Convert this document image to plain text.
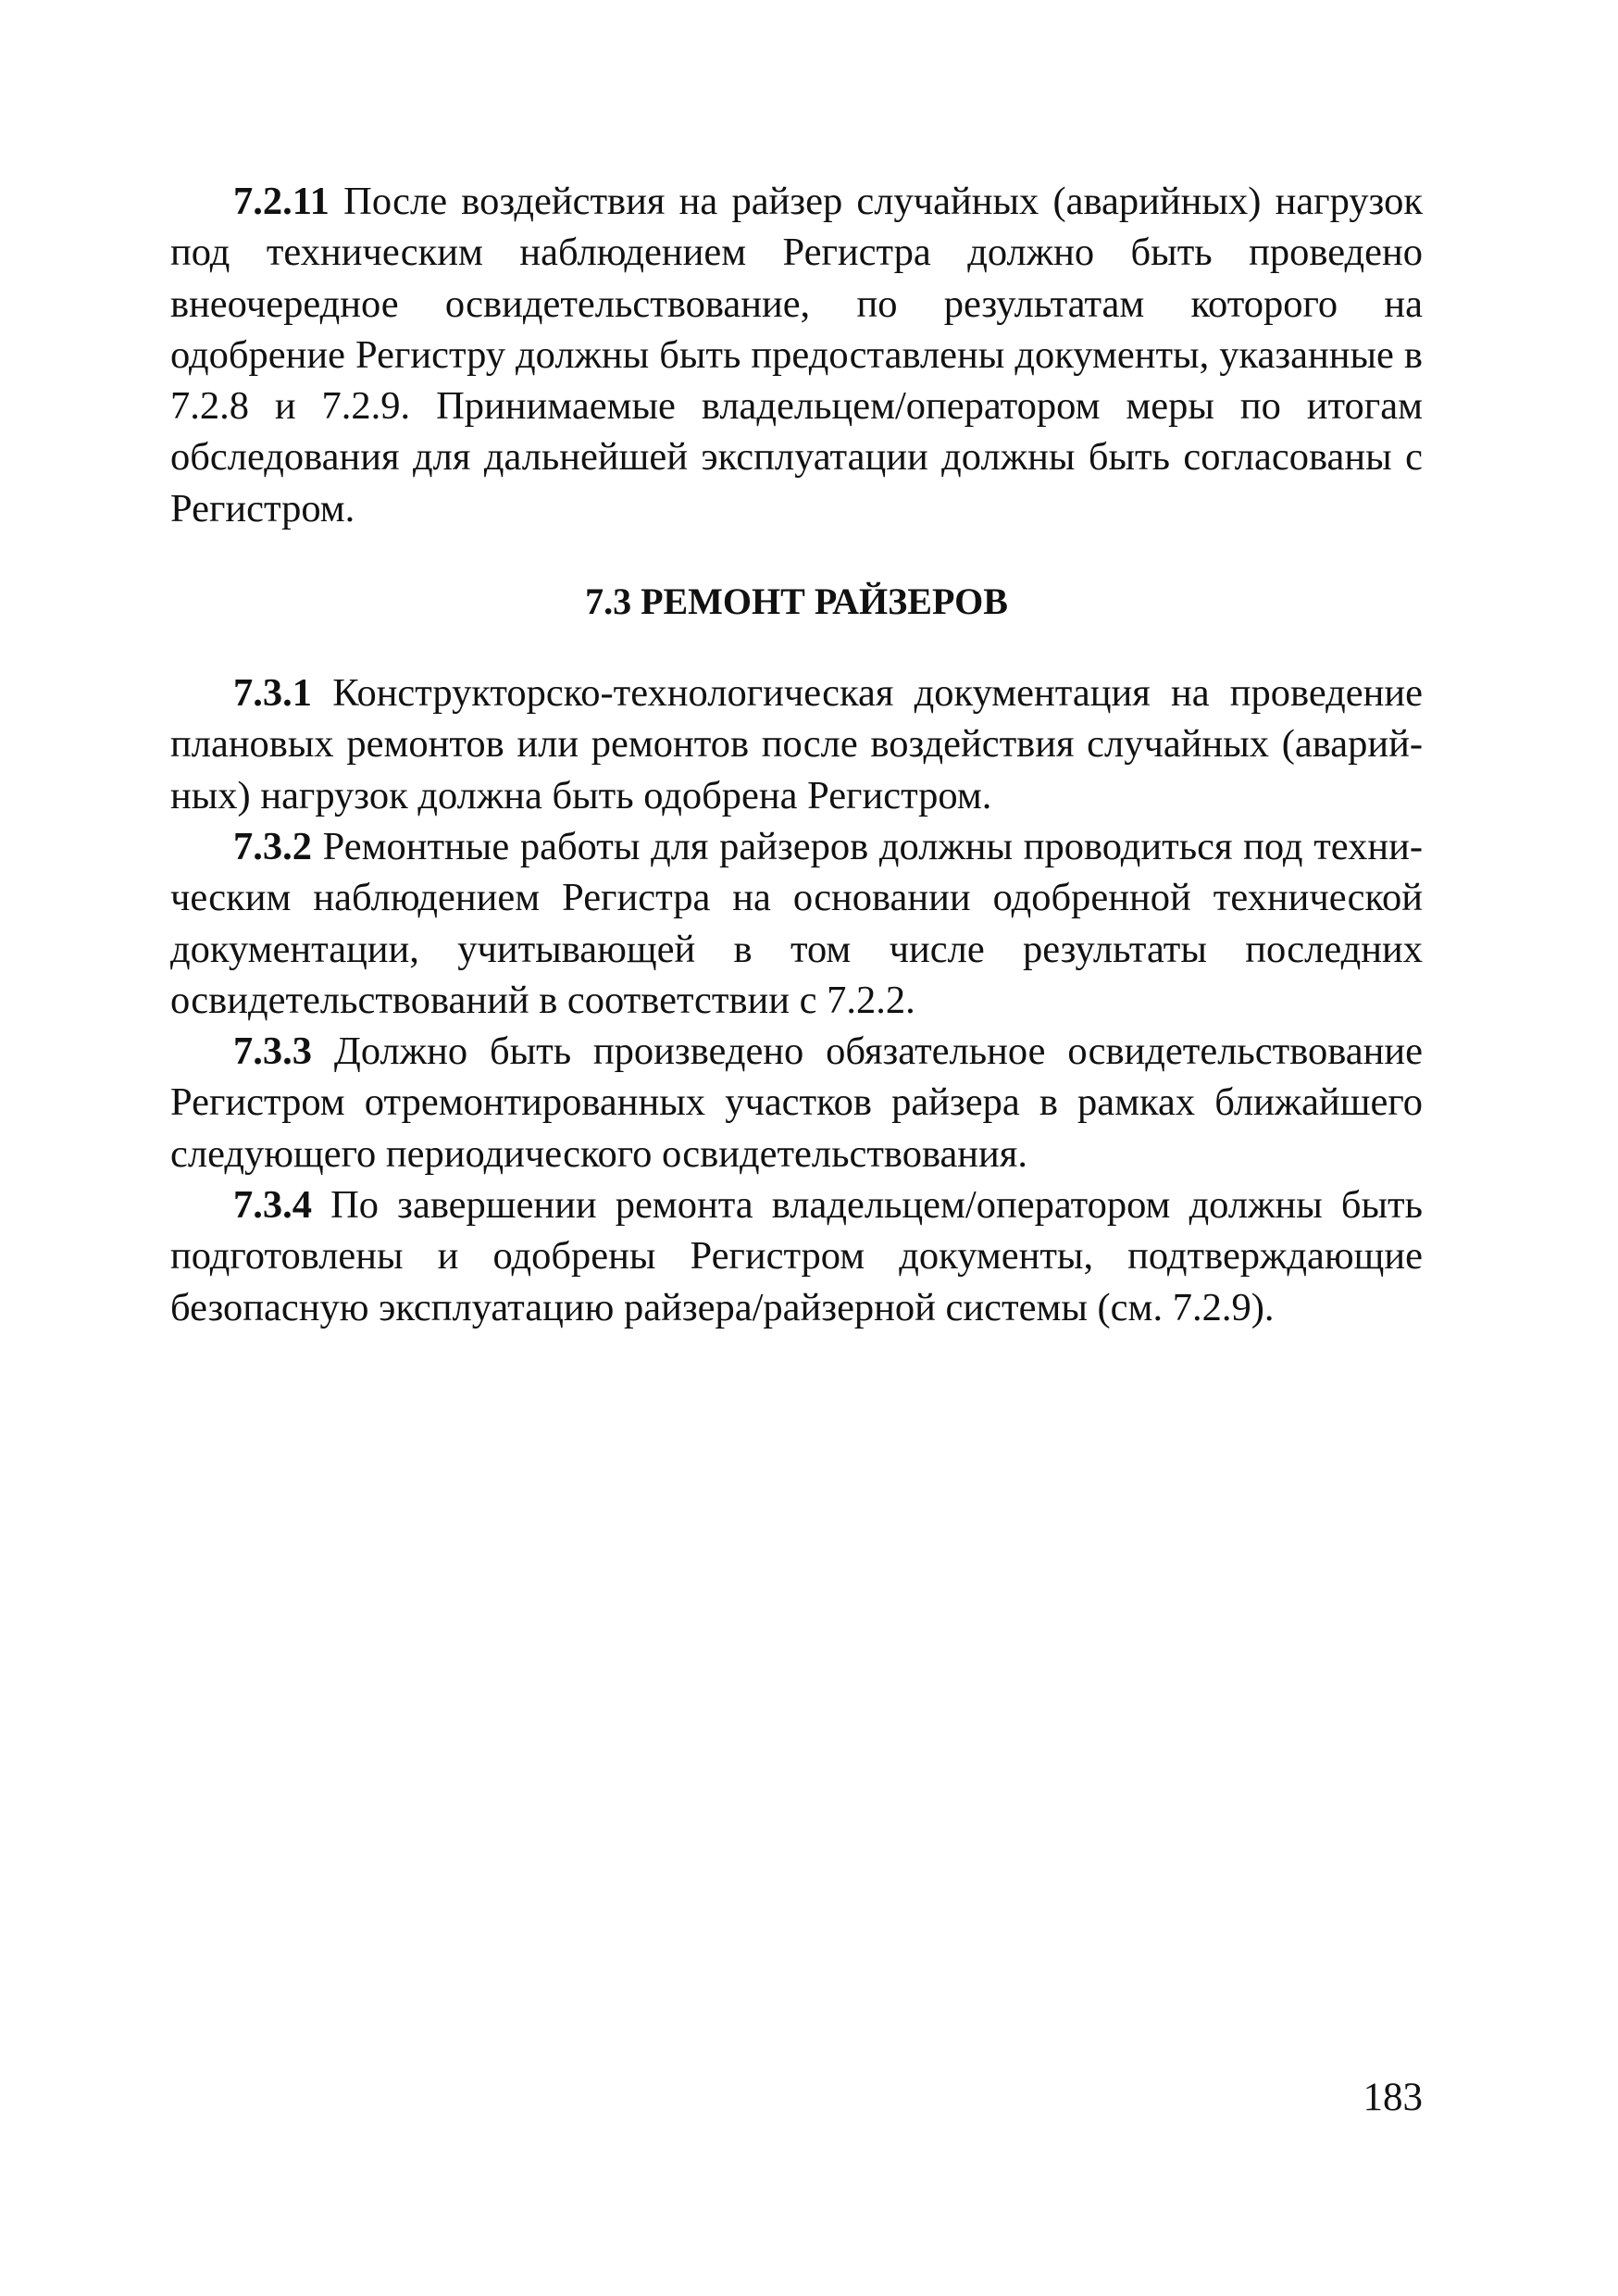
7.2.11 После воздействия на райзер случайных (аварийных) нагрузок под техническим наблюдением Регистра должно быть проведено внеочередное освидетельствование, по результатам которого на одобрение Регистру должны быть предоставлены документы, указанные в 7.2.8 и 7.2.9. Принимаемые владельцем/оператором меры по итогам обследования для дальнейшей эксплуатации должны быть согласованы с Регистром.

7.3 РЕМОНТ РАЙЗЕРОВ

7.3.1 Конструкторско-технологическая документация на проведение плановых ремонтов или ремонтов после воздействия случайных (аварийных) нагрузок должна быть одобрена Регистром.

7.3.2 Ремонтные работы для райзеров должны проводиться под техническим наблюдением Регистра на основании одобренной технической документации, учитывающей в том числе результаты последних освидетельствований в соответствии с 7.2.2.

7.3.3 Должно быть произведено обязательное освидетельствование Регистром отремонтированных участков райзера в рамках ближайшего следующего периодического освидетельствования.

7.3.4 По завершении ремонта владельцем/оператором должны быть подготовлены и одобрены Регистром документы, подтверждающие безопасную эксплуатацию райзера/райзерной системы (см. 7.2.9).

183
